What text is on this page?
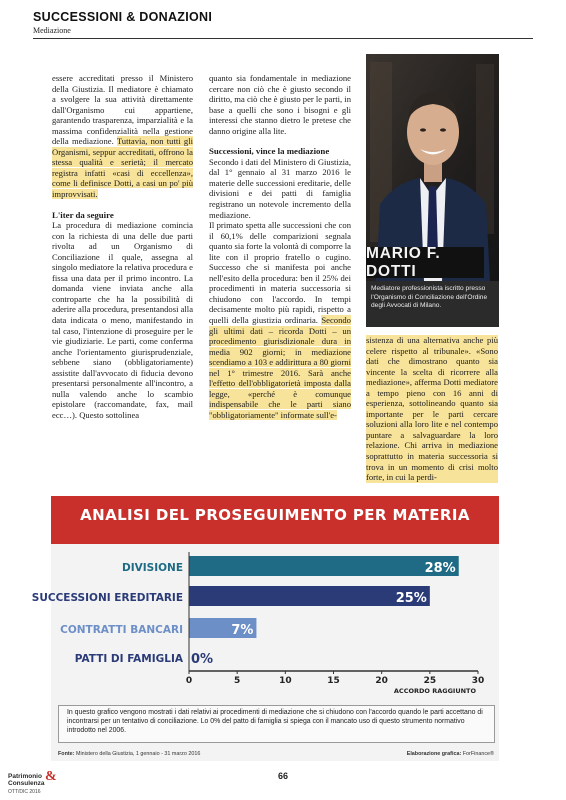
SUCCESSIONI & DONAZIONI
Mediazione

essere accreditati presso il Ministero della Giustizia. Il mediatore è chiamato a svolgere la sua attività direttamente dall'Organismo cui appartiene, garantendo trasparenza, imparzialità e la massima confidenzialità nella gestione della mediazione. Tuttavia, non tutti gli Organismi, seppur accreditati, offrono la stessa qualità e serietà; il mercato registra infatti «casi di eccellenza», come li definisce Dotti, a casi un po' più improvvisati.

L'iter da seguire

La procedura di mediazione comincia con la richiesta di una delle due parti rivolta ad un Organismo di Conciliazione il quale, assegna al singolo mediatore la relativa procedura e fissa una data per il primo incontro. La domanda viene inviata anche alla controparte che ha la possibilità di aderire alla procedura, presentandosi alla data indicata o meno, manifestando in tal caso, l'intenzione di proseguire per le vie giudiziarie. Le parti, come conferma anche l'orientamento giurisprudenziale, sebbene siano (obbligatoriamente) assistite dall'avvocato di fiducia devono presentarsi personalmente all'incontro, a nulla valendo anche lo scambio epistolare (raccomandate, fax, mail ecc…). Questo sottolinea

quanto sia fondamentale in mediazione cercare non ciò che è giusto secondo il diritto, ma ciò che è giusto per le parti, in base a quelli che sono i bisogni e gli interessi che stanno dietro le pretese che danno origine alla lite.

Successioni, vince la mediazione

Secondo i dati del Ministero di Giustizia, dal 1° gennaio al 31 marzo 2016 le materie delle successioni ereditarie, delle divisioni e dei patti di famiglia registrano un notevole incremento della mediazione.

Il primato spetta alle successioni che con il 60,1% delle comparizioni segnala quanto sia forte la volontà di comporre la lite con il proprio fratello o cugino. Successo che si manifesta poi anche nell'esito della procedura: ben il 25% dei procedimenti in materia successoria si chiudono con l'accordo. In tempi decisamente molto più rapidi, rispetto a quelli della giustizia ordinaria. Secondo gli ultimi dati – ricorda Dotti – un procedimento giurisdizionale dura in media 902 giorni; in mediazione scendiamo a 103 e addirittura a 80 giorni nel 1° trimestre 2016. Sarà anche l'effetto dell'obbligatorietà imposta dalla legge, «perché è comunque indispensabile che le parti siano "obbligatoriamente" informate sull'e-

MARIO F. DOTTI
Mediatore professionista iscritto presso l'Organismo di Conciliazione dell'Ordine degli Avvocati di Milano.

sistenza di una alternativa anche più celere rispetto al tribunale». «Sono dati che dimostrano quanto sia vincente la scelta di ricorrere alla mediazione», afferma Dotti mediatore a tempo pieno con 16 anni di esperienza, sottolineando quanto sia importante per le parti cercare soluzioni alla loro lite e nel contempo puntare a salvaguardare la loro relazione. Chi arriva in mediazione soprattutto in materia successoria si trova in un momento di crisi molto forte, in cui la perdi-

ANALISI DEL PROSEGUIMENTO PER MATERIA
DIVISIONE	28%
SUCCESSIONI EREDITARIE	25%
CONTRATTI BANCARI	7%
PATTI DI FAMIGLIA 0%
0	5	10	15	20	25	30
ACCORDO RAGGIUNTO
In questo grafico vengono mostrati i dati relativi ai procedimenti di mediazione che si chiudono con l'accordo quando le parti accettano di incontrarsi per un tentativo di conciliazione. Lo 0% del patto di famiglia si spiega con il mancato uso di questo strumento normativo introdotto nel 2006.
Fonte: Ministero della Giustizia, 1 gennaio - 31 marzo 2016	Elaborazione grafica: ForFinance®
Patrimonio
Consulenza &
OTT/DIC 2016
66
